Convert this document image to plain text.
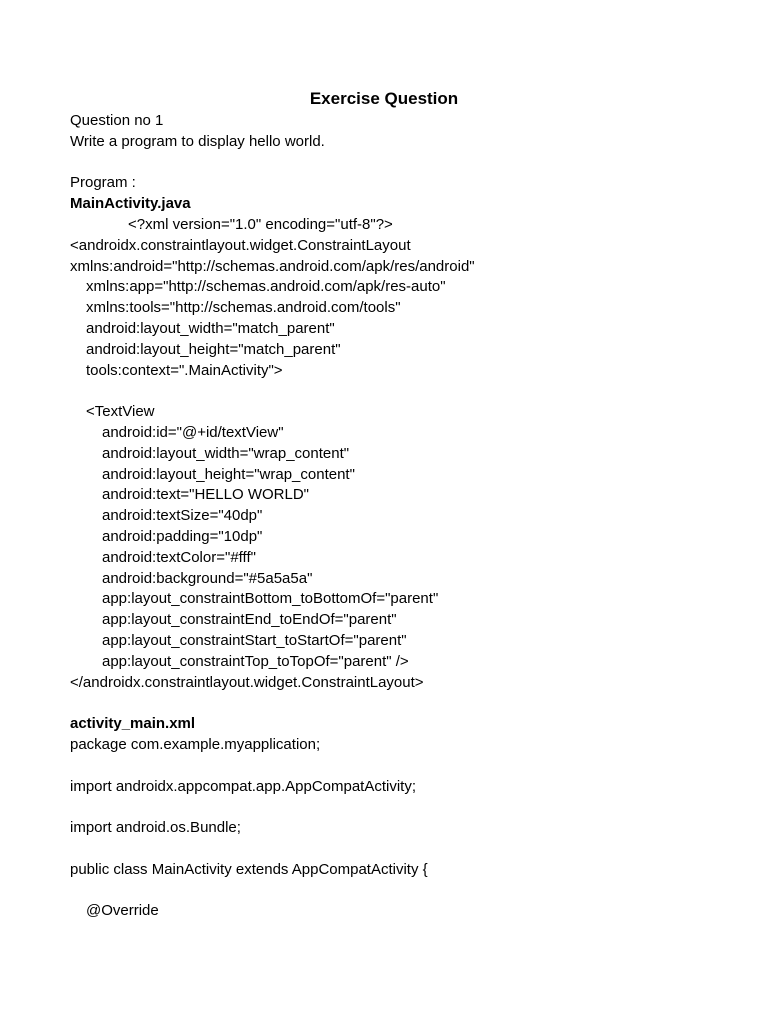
Exercise Question
Question no 1
Write a program to display hello world.
Program :
MainActivity.java
<?xml version="1.0" encoding="utf-8"?>
<androidx.constraintlayout.widget.ConstraintLayout
xmlns:android="http://schemas.android.com/apk/res/android"
xmlns:app="http://schemas.android.com/apk/res-auto"
xmlns:tools="http://schemas.android.com/tools"
android:layout_width="match_parent"
android:layout_height="match_parent"
tools:context=".MainActivity">
<TextView
android:id="@+id/textView"
android:layout_width="wrap_content"
android:layout_height="wrap_content"
android:text="HELLO WORLD"
android:textSize="40dp"
android:padding="10dp"
android:textColor="#fff"
android:background="#5a5a5a"
app:layout_constraintBottom_toBottomOf="parent"
app:layout_constraintEnd_toEndOf="parent"
app:layout_constraintStart_toStartOf="parent"
app:layout_constraintTop_toTopOf="parent" />
</androidx.constraintlayout.widget.ConstraintLayout>
activity_main.xml
package com.example.myapplication;
import androidx.appcompat.app.AppCompatActivity;
import android.os.Bundle;
public class MainActivity extends AppCompatActivity {
@Override
